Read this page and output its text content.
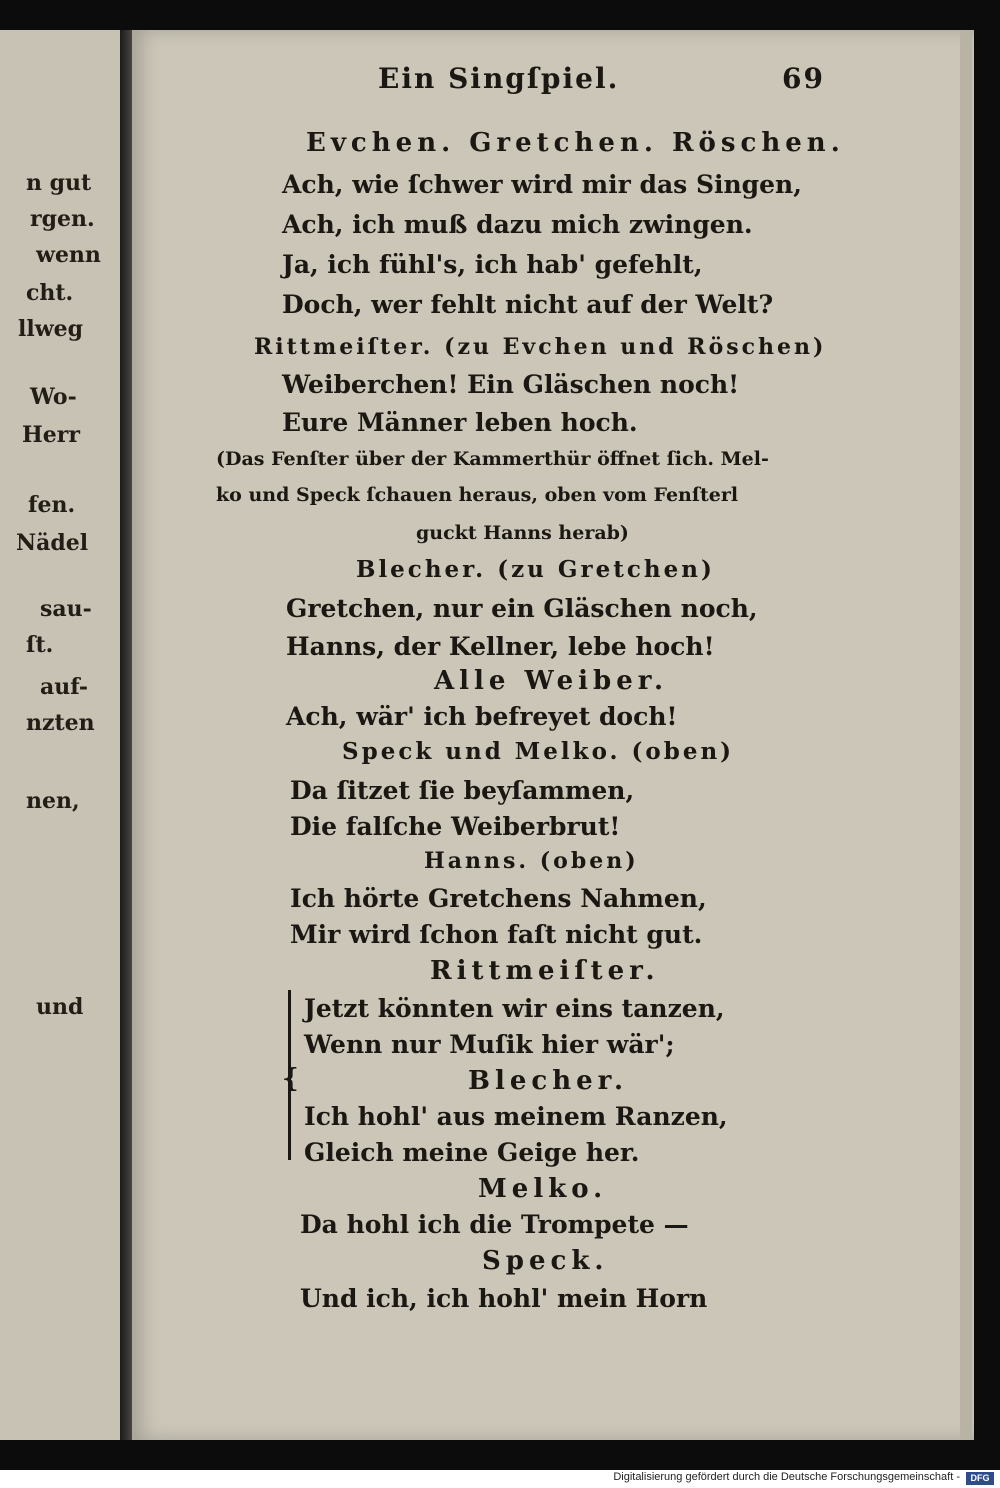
n gut
rgen.
wenn
cht.
llweg
Wo-
Herr
fen.
Nädel
sau-
ſt.
auf-
nzten
nen,
und
Ein Singſpiel.	69
Evchen. Gretchen. Röschen.
Ach, wie ſchwer wird mir das Singen,
Ach, ich muß dazu mich zwingen.
Ja, ich fühl's, ich hab' gefehlt,
Doch, wer fehlt nicht auf der Welt?
Rittmeiſter. (zu Evchen und Röschen)
Weiberchen! Ein Gläschen noch!
Eure Männer leben hoch.
(Das Fenſter über der Kammerthür öffnet ſich. Mel-
ko und Speck ſchauen heraus, oben vom Fenſterl
guckt Hanns herab)
Blecher. (zu Gretchen)
Gretchen, nur ein Gläschen noch,
Hanns, der Kellner, lebe hoch!
Alle Weiber.
Ach, wär' ich befreyet doch!
Speck und Melko. (oben)
Da ſitzet ſie beyſammen,
Die falſche Weiberbrut!
Hanns. (oben)
Ich hörte Gretchens Nahmen,
Mir wird ſchon faſt nicht gut.
Rittmeiſter.
{
Jetzt könnten wir eins tanzen,
Wenn nur Muſik hier wär';
Blecher.
Ich hohl' aus meinem Ranzen,
Gleich meine Geige her.
Melko.
Da hohl ich die Trompete —
Speck.
Und ich, ich hohl' mein Horn
Digitalisierung gefördert durch die Deutsche Forschungsgemeinschaft -	DFG
